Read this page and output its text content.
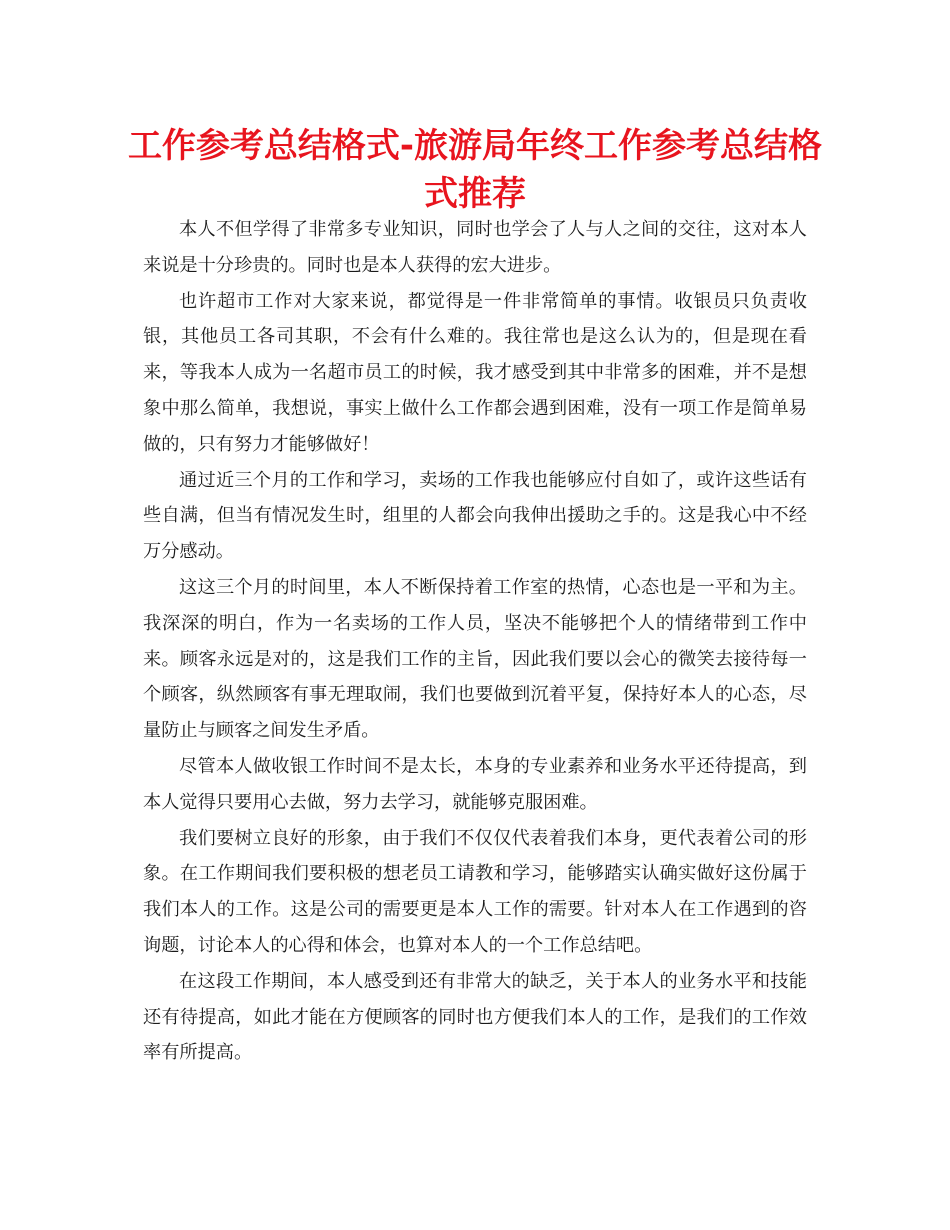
工作参考总结格式-旅游局年终工作参考总结格式推荐

本人不但学得了非常多专业知识，同时也学会了人与人之间的交往，这对本人来说是十分珍贵的。同时也是本人获得的宏大进步。

也许超市工作对大家来说，都觉得是一件非常简单的事情。收银员只负责收银，其他员工各司其职，不会有什么难的。我往常也是这么认为的，但是现在看来，等我本人成为一名超市员工的时候，我才感受到其中非常多的困难，并不是想象中那么简单，我想说，事实上做什么工作都会遇到困难，没有一项工作是简单易做的，只有努力才能够做好！

通过近三个月的工作和学习，卖场的工作我也能够应付自如了，或许这些话有些自满，但当有情况发生时，组里的人都会向我伸出援助之手的。这是我心中不经万分感动。

这这三个月的时间里，本人不断保持着工作室的热情，心态也是一平和为主。我深深的明白，作为一名卖场的工作人员，坚决不能够把个人的情绪带到工作中来。顾客永远是对的，这是我们工作的主旨，因此我们要以会心的微笑去接待每一个顾客，纵然顾客有事无理取闹，我们也要做到沉着平复，保持好本人的心态，尽量防止与顾客之间发生矛盾。

尽管本人做收银工作时间不是太长，本身的专业素养和业务水平还待提高，到本人觉得只要用心去做，努力去学习，就能够克服困难。

我们要树立良好的形象，由于我们不仅仅代表着我们本身，更代表着公司的形象。在工作期间我们要积极的想老员工请教和学习，能够踏实认确实做好这份属于我们本人的工作。这是公司的需要更是本人工作的需要。针对本人在工作遇到的咨询题，讨论本人的心得和体会，也算对本人的一个工作总结吧。

在这段工作期间，本人感受到还有非常大的缺乏，关于本人的业务水平和技能还有待提高，如此才能在方便顾客的同时也方便我们本人的工作，是我们的工作效率有所提高。
